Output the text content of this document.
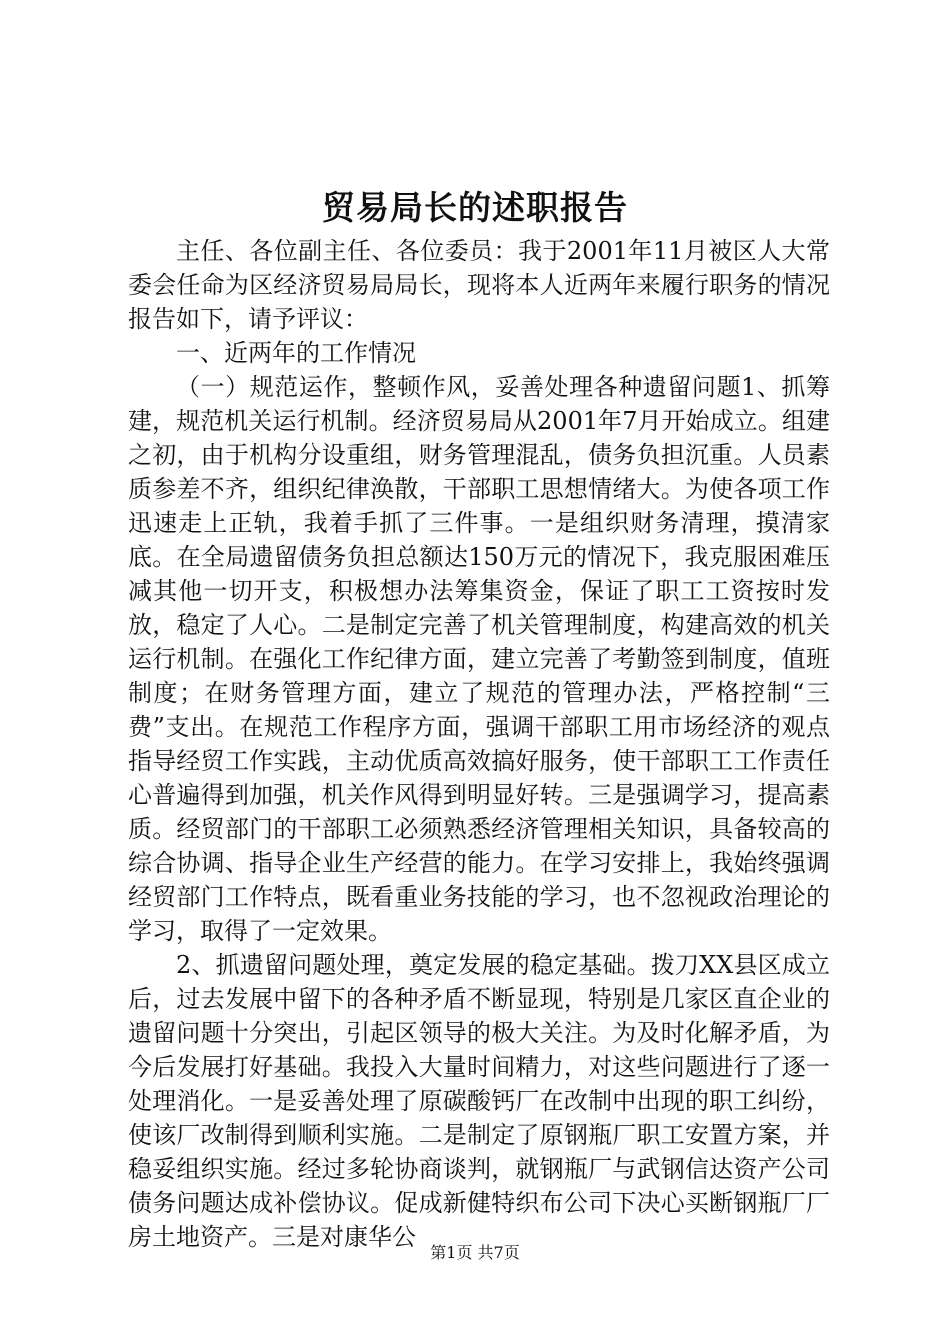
贸易局长的述职报告

主任、各位副主任、各位委员：我于2001年11月被区人大常委会任命为区经济贸易局局长，现将本人近两年来履行职务的情况报告如下，请予评议：

一、近两年的工作情况

（一）规范运作，整顿作风，妥善处理各种遗留问题1、抓筹建，规范机关运行机制。经济贸易局从2001年7月开始成立。组建之初，由于机构分设重组，财务管理混乱，债务负担沉重。人员素质参差不齐，组织纪律涣散，干部职工思想情绪大。为使各项工作迅速走上正轨，我着手抓了三件事。一是组织财务清理，摸清家底。在全局遗留债务负担总额达150万元的情况下，我克服困难压减其他一切开支，积极想办法筹集资金，保证了职工工资按时发放，稳定了人心。二是制定完善了机关管理制度，构建高效的机关运行机制。在强化工作纪律方面，建立完善了考勤签到制度，值班制度；在财务管理方面，建立了规范的管理办法，严格控制“三费”支出。在规范工作程序方面，强调干部职工用市场经济的观点指导经贸工作实践，主动优质高效搞好服务，使干部职工工作责任心普遍得到加强，机关作风得到明显好转。三是强调学习，提高素质。经贸部门的干部职工必须熟悉经济管理相关知识，具备较高的综合协调、指导企业生产经营的能力。在学习安排上，我始终强调经贸部门工作特点，既看重业务技能的学习，也不忽视政治理论的学习，取得了一定效果。

2、抓遗留问题处理，奠定发展的稳定基础。拨刀XX县区成立后，过去发展中留下的各种矛盾不断显现，特别是几家区直企业的遗留问题十分突出，引起区领导的极大关注。为及时化解矛盾，为今后发展打好基础。我投入大量时间精力，对这些问题进行了逐一处理消化。一是妥善处理了原碳酸钙厂在改制中出现的职工纠纷，使该厂改制得到顺利实施。二是制定了原钢瓶厂职工安置方案，并稳妥组织实施。经过多轮协商谈判，就钢瓶厂与武钢信达资产公司债务问题达成补偿协议。促成新健特织布公司下决心买断钢瓶厂厂房土地资产。三是对康华公

第1页 共7页
